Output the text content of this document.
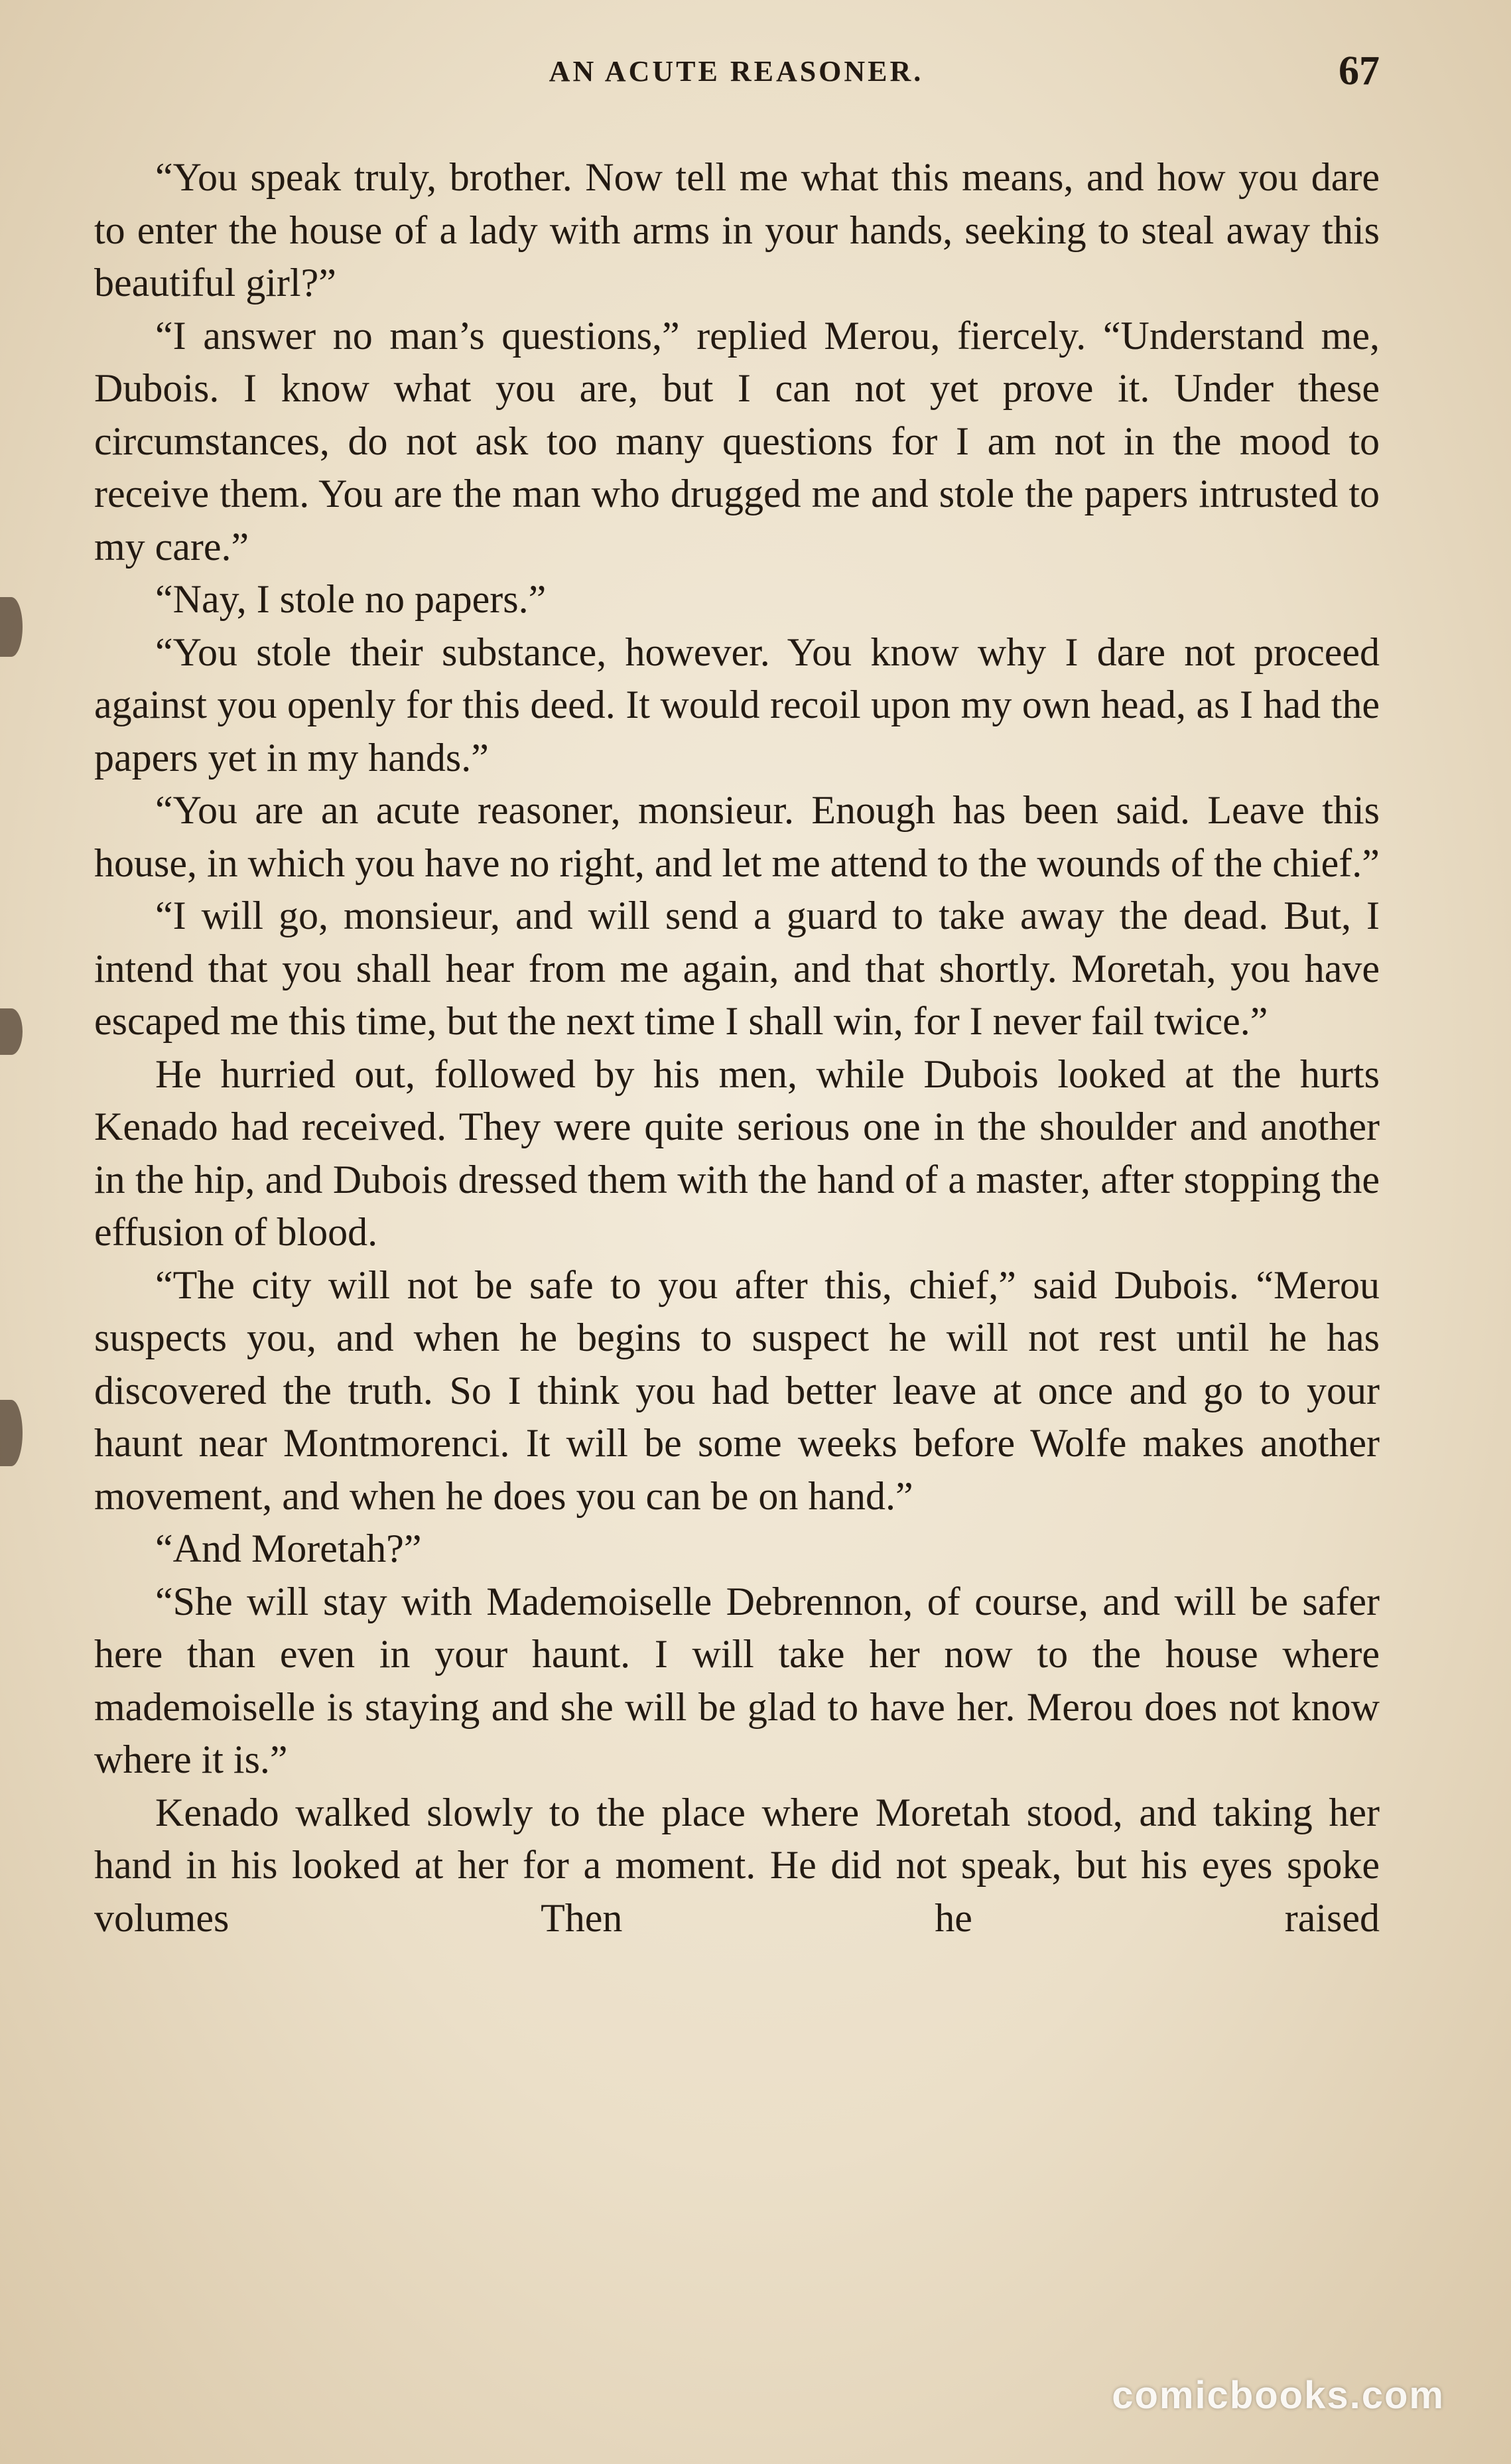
AN ACUTE REASONER.	67

“You speak truly, brother. Now tell me what this means, and how you dare to enter the house of a lady with arms in your hands, seeking to steal away this beautiful girl?”

“I answer no man’s questions,” replied Merou, fiercely. “Understand me, Dubois. I know what you are, but I can not yet prove it. Under these circumstances, do not ask too many questions for I am not in the mood to receive them. You are the man who drugged me and stole the papers intrusted to my care.”

“Nay, I stole no papers.”

“You stole their substance, however. You know why I dare not proceed against you openly for this deed. It would recoil upon my own head, as I had the papers yet in my hands.”

“You are an acute reasoner, monsieur. Enough has been said. Leave this house, in which you have no right, and let me attend to the wounds of the chief.”

“I will go, monsieur, and will send a guard to take away the dead. But, I intend that you shall hear from me again, and that shortly. Moretah, you have escaped me this time, but the next time I shall win, for I never fail twice.”

He hurried out, followed by his men, while Dubois looked at the hurts Kenado had received. They were quite serious one in the shoulder and another in the hip, and Dubois dressed them with the hand of a master, after stopping the effusion of blood.

“The city will not be safe to you after this, chief,” said Dubois. “Merou suspects you, and when he begins to suspect he will not rest until he has discovered the truth. So I think you had better leave at once and go to your haunt near Montmorenci. It will be some weeks before Wolfe makes another movement, and when he does you can be on hand.”

“And Moretah?”

“She will stay with Mademoiselle Debrennon, of course, and will be safer here than even in your haunt. I will take her now to the house where mademoiselle is staying and she will be glad to have her. Merou does not know where it is.”

Kenado walked slowly to the place where Moretah stood, and taking her hand in his looked at her for a moment. He did not speak, but his eyes spoke volumes Then he raised

comicbooks.com
